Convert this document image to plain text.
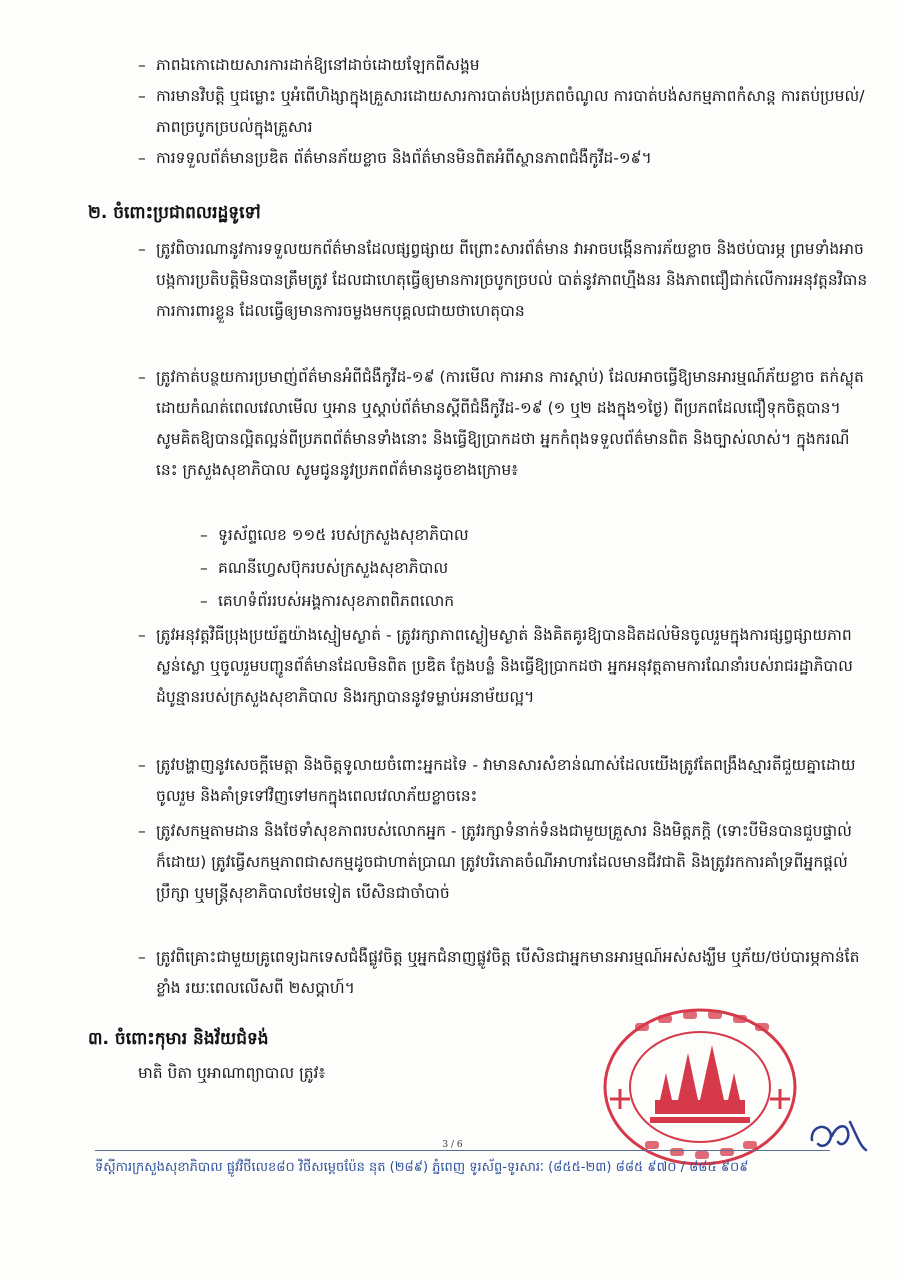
– ភាពឯកោដោយសារការដាក់ឱ្យនៅដាច់ដោយឡែកពីសង្គម
– ការមានវិបត្តិ ឬជម្លោះ ឬអំពើហិង្សាក្នុងគ្រួសារដោយសារការបាត់បង់ប្រភពចំណូល ការបាត់បង់សកម្មភាពកំសាន្ត ការតប់ប្រមល់/ភាពច្របូកច្របល់ក្នុងគ្រួសារ
– ការទទួលព័ត៌មានប្រឌិត ព័ត៌មានភ័យខ្លាច និងព័ត៌មានមិនពិតអំពីស្ថានភាពជំងឺកូវីដ-១៩។
២. ចំពោះប្រជាពលរដ្ឋទូទៅ
– ត្រូវពិចារណានូវការទទួលយកព័ត៌មានដែលផ្សព្វផ្សាយ ពីព្រោះសារព័ត៌មាន វាអាចបង្កើនការភ័យខ្លាច និងថប់បារម្ភ ព្រមទាំងអាចបង្កការប្រតិបត្តិមិនបានត្រឹមត្រូវ ដែលជាហេតុធ្វើឲ្យមានការច្របូកច្របល់ បាត់នូវភាពហ្មឹងនរ និងភាពជឿជាក់លើការអនុវត្តនវិធានការការពារខ្លួន ដែលធ្វើឲ្យមានការចម្លងមកបុគ្គលជាយថាហេតុបាន
– ត្រូវកាត់បន្ថយការប្រមាញ់ព័ត៌មានអំពីជំងឺកូវីដ-១៩ (ការមើល ការអាន ការស្តាប់) ដែលអាចធ្វើឱ្យមានអារម្មណ៍ភ័យខ្លាច តក់ស្លុត ដោយកំណត់ពេលវេលាមើល ឬអាន ឬស្តាប់ព័ត៌មានស្តីពីជំងឺកូវីដ-១៩ (១ ឬ២ ដងក្នុង១ថ្ងៃ) ពីប្រភពដែលជឿទុកចិត្តបាន។ សូមគិតឱ្យបានល្អិតល្អន់ពីប្រភពព័ត៌មានទាំងនោះ និងធ្វើឱ្យប្រាកដថា អ្នកកំពុងទទួលព័ត៌មានពិត និងច្បាស់លាស់។ ក្នុងករណីនេះ ក្រសួងសុខាភិបាល សូមជូននូវប្រភពព័ត៌មានដូចខាងក្រោម៖
– ទូរស័ព្ទលេខ ១១៥ របស់ក្រសួងសុខាភិបាល
– គណនីហ្វេសប៊ុករបស់ក្រសួងសុខាភិបាល
– គេហទំព័ររបស់អង្គការសុខភាពពិភពលោក
– ត្រូវអនុវត្តវិធីប្រុងប្រយ័ត្នយ៉ាងស្មៀមស្ងាត់ - ត្រូវរក្សាភាពស្ងៀមស្ងាត់ និងគិតគូរឱ្យបានដិតដល់មិនចូលរួមក្នុងការផ្សព្វផ្សាយភាពស្លន់ស្លោ ឬចូលរួមបញ្ជូនព័ត៌មានដែលមិនពិត ប្រឌិត ក្លែងបន្លំ និងធ្វើឱ្យប្រាកដថា អ្នកអនុវត្តតាមការណែនាំរបស់រាជរដ្ឋាភិបាល ដំបូន្មានរបស់ក្រសួងសុខាភិបាល និងរក្សាបាននូវទម្លាប់អនាម័យល្អ។
– ត្រូវបង្ហាញនូវសេចក្តីមេត្តា និងចិត្តទូលាយចំពោះអ្នកដទៃ - វាមានសារសំខាន់ណាស់ដែលយើងត្រូវតែពង្រឹងស្មារតីជួយគ្នាដោយចូលរួម និងគាំទ្រទៅវិញទៅមកក្នុងពេលវេលាភ័យខ្លាចនេះ
– ត្រូវសកម្មតាមដាន និងថែទាំសុខភាពរបស់លោកអ្នក - ត្រូវរក្សាទំនាក់ទំនងជាមួយគ្រួសារ និងមិត្តភក្តិ (ទោះបីមិនបានជួបផ្ទាល់ក៏ដោយ) ត្រូវធ្វើសកម្មភាពជាសកម្មដូចជាហាត់ប្រាណ ត្រូវបរិភោគចំណីអាហារដែលមានជីវជាតិ និងត្រូវរកការគាំទ្រពីអ្នកផ្តល់ប្រឹក្សា ឬមន្ត្រីសុខាភិបាលថែមទៀត បើសិនជាចាំបាច់
– ត្រូវពិគ្រោះជាមួយគ្រូពេទ្យឯកទេសជំងឺផ្លូវចិត្ត ឬអ្នកជំនាញផ្លូវចិត្ត បើសិនជាអ្នកមានអារម្មណ៍អស់សង្ឃឹម ឬភ័យ/ថប់បារម្ភកាន់តែខ្លាំង រយៈពេលលើសពី ២សប្តាហ៍។
៣. ចំពោះកុមារ និងវ័យជំទង់
មាតិ បិតា ឬអាណាព្យាបាល ត្រូវ៖
3 / 6
ទីស្តីការក្រសួងសុខាភិបាល ផ្លូវវិថីលេខ៨០ វិថីសម្តេចប៉ែន នុត (២៨៩) ភ្នំពេញ ទូរស័ព្ទ-ទូរសារៈ (៨៥៥-២៣) ៨៨៥ ៩៧០ / ៨៨៤ ៩០៩
